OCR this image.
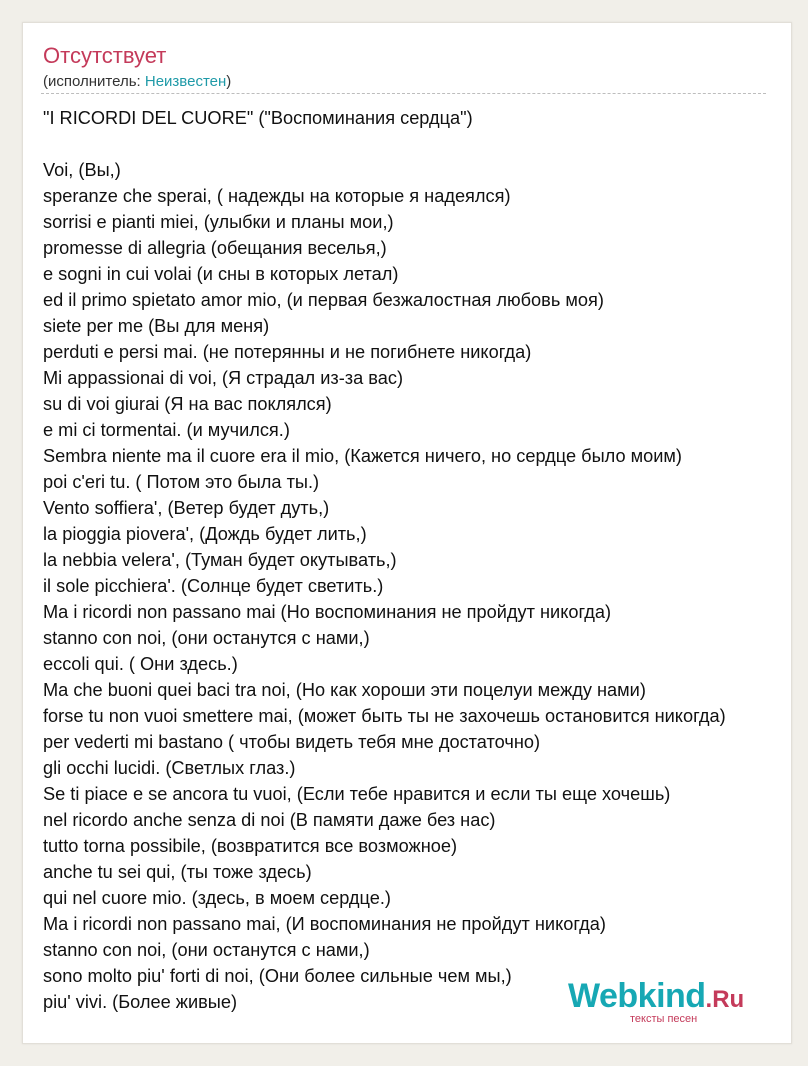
Отсутствует
(исполнитель: Неизвестен)
"I RICORDI DEL CUORE" ("Воспоминания сердца")
Voi, (Вы,)
speranze che sperai, ( надежды на которые я надеялся)
sorrisi e pianti miei, (улыбки и планы мои,)
promesse di allegria (обещания веселья,)
e sogni in cui volai (и сны в которых летал)
ed il primo spietato amor mio, (и первая безжалостная любовь моя)
siete per me (Вы для меня)
perduti e persi mai. (не потерянны и не погибнете никогда)
Mi appassionai di voi, (Я страдал из-за вас)
su di voi giurai (Я на вас поклялся)
e mi ci tormentai. (и мучился.)
Sembra niente ma il cuore era il mio, (Кажется ничего, но сердце было моим)
poi c'eri tu. ( Потом это была ты.)
Vento soffiera', (Ветер будет дуть,)
la pioggia piovera', (Дождь будет лить,)
la nebbia velera', (Туман будет окутывать,)
il sole picchiera'. (Солнце будет светить.)
Ma i ricordi non passano mai (Но воспоминания не пройдут никогда)
stanno con noi, (они останутся с нами,)
eccoli qui. ( Они здесь.)
Ma che buoni quei baci tra noi, (Но как хороши эти поцелуи между нами)
forse tu non vuoi smettere mai, (может быть ты не захочешь остановится никогда)
per vederti mi bastano ( чтобы видеть тебя мне достаточно)
gli occhi lucidi. (Светлых глаз.)
Se ti piace e se ancora tu vuoi, (Если тебе нравится и если ты еще хочешь)
nel ricordo anche senza di noi (В памяти даже без нас)
tutto torna possibile, (возвратится все возможное)
anche tu sei qui, (ты тоже здесь)
qui nel cuore mio. (здесь, в моем сердце.)
Ma i ricordi non passano mai, (И воспоминания не пройдут никогда)
stanno con noi, (они останутся с нами,)
sono molto piu' forti di noi, (Они более сильные чем мы,)
piu' vivi. (Более живые)	Webkind.Ru
тексты песен
